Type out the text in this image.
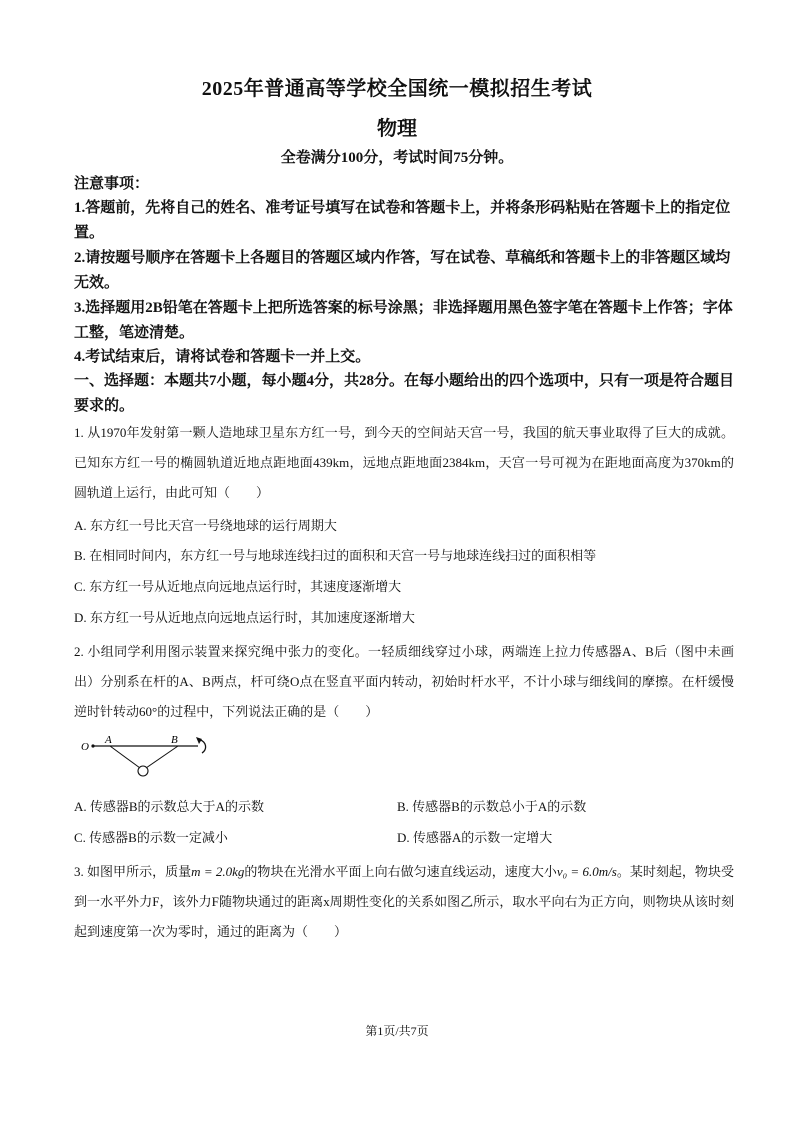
2025年普通高等学校全国统一模拟招生考试
物理
全卷满分100分，考试时间75分钟。
注意事项：
1.答题前，先将自己的姓名、准考证号填写在试卷和答题卡上，并将条形码粘贴在答题卡上的指定位置。
2.请按题号顺序在答题卡上各题目的答题区域内作答，写在试卷、草稿纸和答题卡上的非答题区域均无效。
3.选择题用2B铅笔在答题卡上把所选答案的标号涂黑；非选择题用黑色签字笔在答题卡上作答；字体工整，笔迹清楚。
4.考试结束后，请将试卷和答题卡一并上交。
一、选择题：本题共7小题，每小题4分，共28分。在每小题给出的四个选项中，只有一项是符合题目要求的。
1. 从1970年发射第一颗人造地球卫星东方红一号，到今天的空间站天宫一号，我国的航天事业取得了巨大的成就。已知东方红一号的椭圆轨道近地点距地面439km，远地点距地面2384km，天宫一号可视为在距地面高度为370km的圆轨道上运行，由此可知（　　）
A. 东方红一号比天宫一号绕地球的运行周期大
B. 在相同时间内，东方红一号与地球连线扫过的面积和天宫一号与地球连线扫过的面积相等
C. 东方红一号从近地点向远地点运行时，其速度逐渐增大
D. 东方红一号从近地点向远地点运行时，其加速度逐渐增大
2. 小组同学利用图示装置来探究绳中张力的变化。一轻质细线穿过小球，两端连上拉力传感器A、B后（图中未画出）分别系在杆的A、B两点，杆可绕O点在竖直平面内转动，初始时杆水平，不计小球与细线间的摩擦。在杆缓慢逆时针转动60°的过程中，下列说法正确的是（　　）
O
A	B
A. 传感器B的示数总大于A的示数	B. 传感器B的示数总小于A的示数
C. 传感器B的示数一定减小	D. 传感器A的示数一定增大
3. 如图甲所示，质量m = 2.0kg的物块在光滑水平面上向右做匀速直线运动，速度大小v₀ = 6.0m/s。某时刻起，物块受到一水平外力F，该外力F随物块通过的距离x周期性变化的关系如图乙所示，取水平向右为正方向，则物块从该时刻起到速度第一次为零时，通过的距离为（　　）
第1页/共7页
